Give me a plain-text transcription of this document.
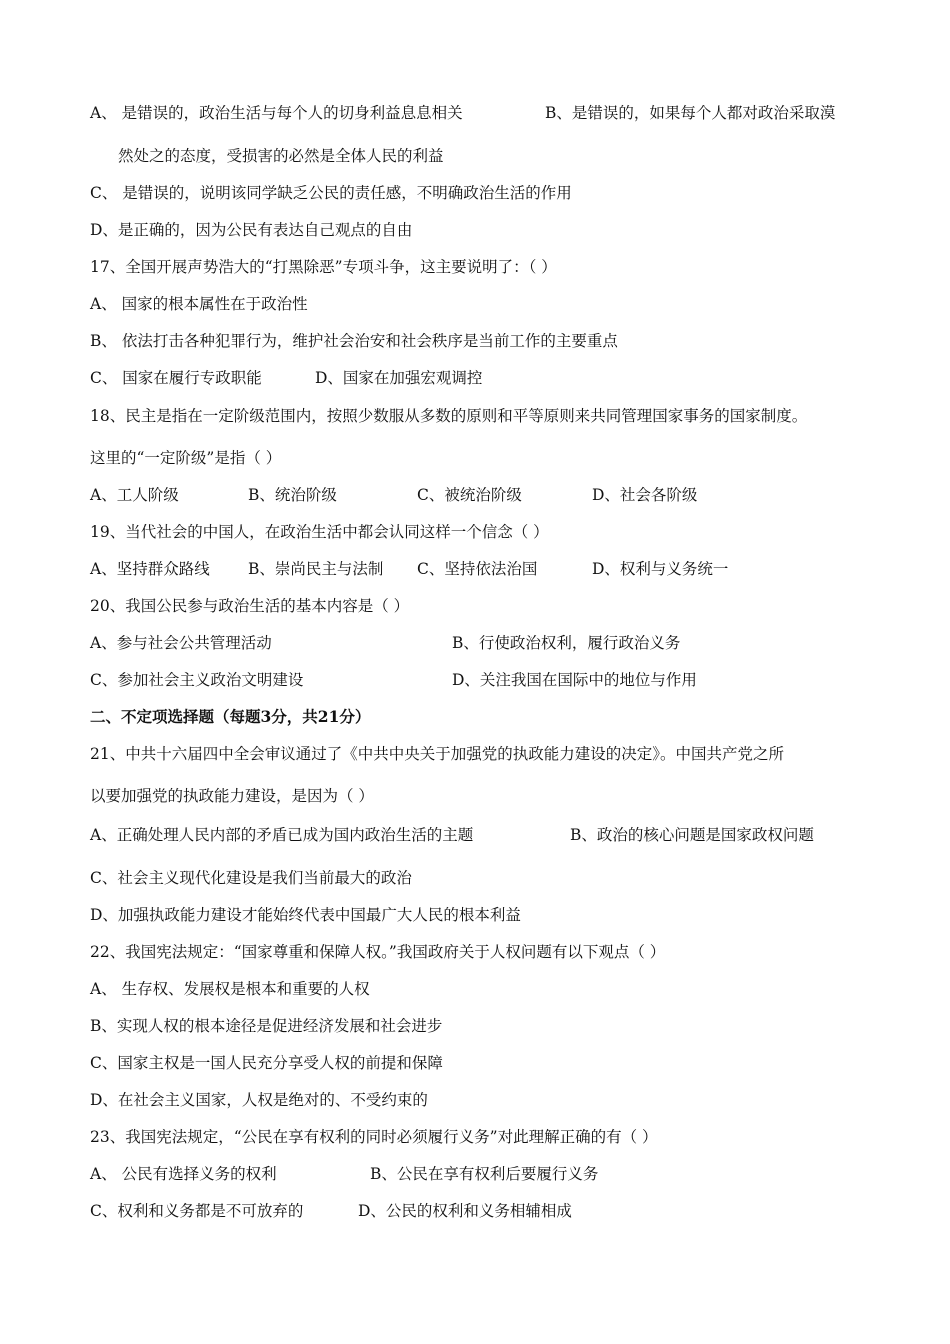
A、 是错误的，政治生活与每个人的切身利益息息相关	B、是错误的，如果每个人都对政治采取漠
然处之的态度，受损害的必然是全体人民的利益
C、 是错误的，说明该同学缺乏公民的责任感，不明确政治生活的作用
D、是正确的，因为公民有表达自己观点的自由
17、全国开展声势浩大的“打黑除恶”专项斗争，这主要说明了：（ ）
A、 国家的根本属性在于政治性
B、 依法打击各种犯罪行为，维护社会治安和社会秩序是当前工作的主要重点
C、 国家在履行专政职能	D、国家在加强宏观调控
18、民主是指在一定阶级范围内，按照少数服从多数的原则和平等原则来共同管理国家事务的国家制度。
这里的“一定阶级”是指（ ）
A、工人阶级	B、统治阶级	C、被统治阶级	D、社会各阶级
19、当代社会的中国人，在政治生活中都会认同这样一个信念（ ）
A、坚持群众路线 B、崇尚民主与法制 C、坚持依法治国	D、权利与义务统一
20、我国公民参与政治生活的基本内容是（ ）
A、参与社会公共管理活动	B、行使政治权利，履行政治义务
C、参加社会主义政治文明建设	D、关注我国在国际中的地位与作用
二、不定项选择题（每题3分，共21分）
21、中共十六届四中全会审议通过了《中共中央关于加强党的执政能力建设的决定》。中国共产党之所
以要加强党的执政能力建设，是因为（ ）
A、正确处理人民内部的矛盾已成为国内政治生活的主题	B、政治的核心问题是国家政权问题
C、社会主义现代化建设是我们当前最大的政治
D、加强执政能力建设才能始终代表中国最广大人民的根本利益
22、我国宪法规定：“国家尊重和保障人权。”我国政府关于人权问题有以下观点（ ）
A、 生存权、发展权是根本和重要的人权
B、实现人权的根本途径是促进经济发展和社会进步
C、国家主权是一国人民充分享受人权的前提和保障
D、在社会主义国家，人权是绝对的、不受约束的
23、我国宪法规定，“公民在享有权利的同时必须履行义务”对此理解正确的有（ ）
A、 公民有选择义务的权利	B、公民在享有权利后要履行义务
C、权利和义务都是不可放弃的	D、公民的权利和义务相辅相成
